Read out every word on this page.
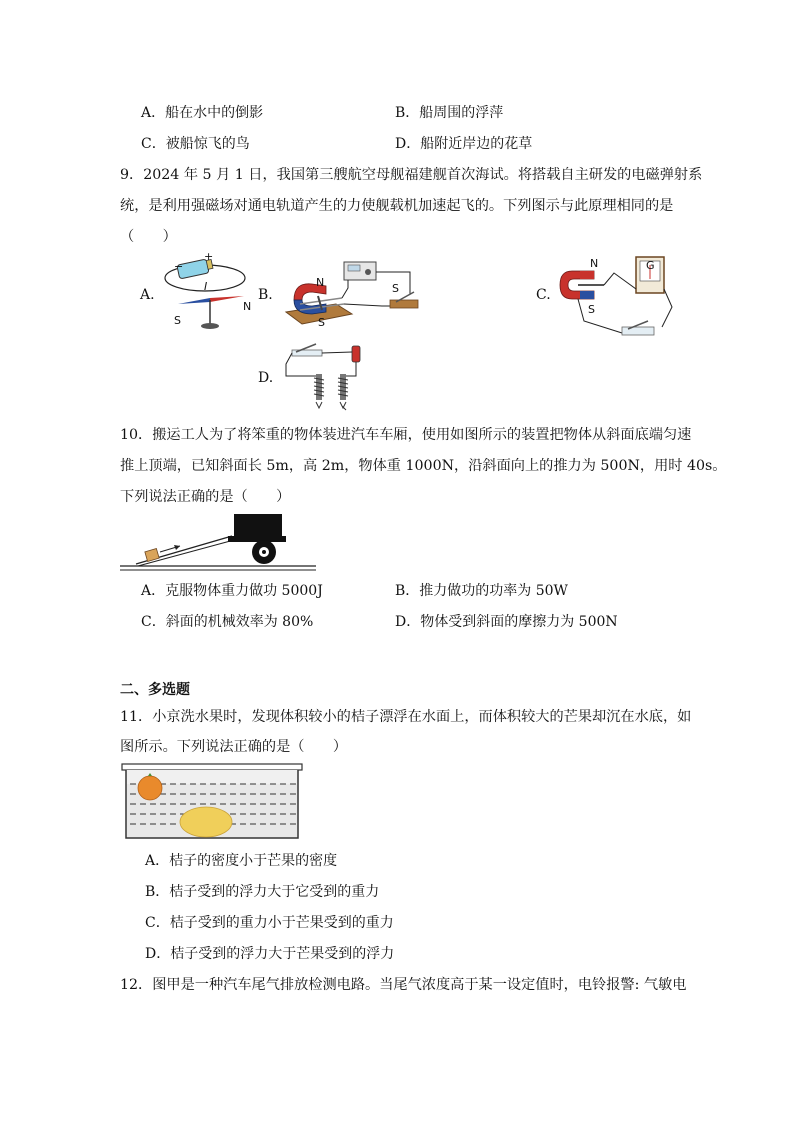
A．船在水中的倒影	B．船周围的浮萍
C．被船惊飞的鸟	D．船附近岸边的花草
9．2024 年 5 月 1 日，我国第三艘航空母舰福建舰首次海试。将搭载自主研发的电磁弹射系
统，是利用强磁场对通电轨道产生的力使舰载机加速起飞的。下列图示与此原理相同的是
（　　）
A.	B.	C.
D.
+
−
I
S
N
N
S
S
N
S
G
10．搬运工人为了将笨重的物体装进汽车车厢，使用如图所示的装置把物体从斜面底端匀速
推上顶端，已知斜面长 5m，高 2m，物体重 1000N，沿斜面向上的推力为 500N，用时 40s。
下列说法正确的是（　　）
A．克服物体重力做功 5000J	B．推力做功的功率为 50W
C．斜面的机械效率为 80%	D．物体受到斜面的摩擦力为 500N
二、多选题
11．小京洗水果时，发现体积较小的桔子漂浮在水面上，而体积较大的芒果却沉在水底，如
图所示。下列说法正确的是（　　）
A．桔子的密度小于芒果的密度
B．桔子受到的浮力大于它受到的重力
C．桔子受到的重力小于芒果受到的重力
D．桔子受到的浮力大于芒果受到的浮力
12．图甲是一种汽车尾气排放检测电路。当尾气浓度高于某一设定值时，电铃报警: 气敏电
